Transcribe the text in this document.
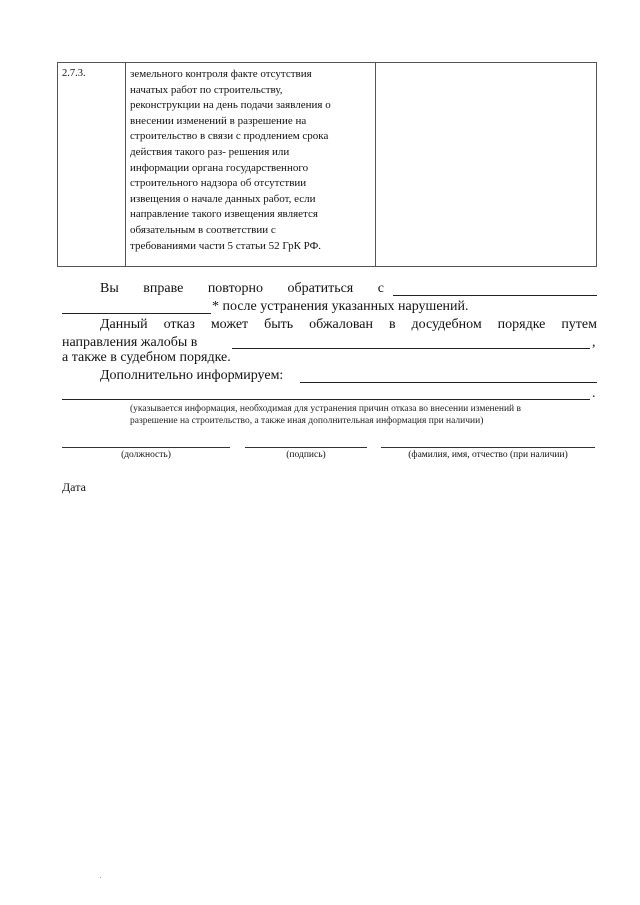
2.7.3.	земельного контроля факте отсутствия
начатых работ по строительству,
реконструкции на день подачи заявления о
внесении изменений в разрешение на
строительство в связи с продлением срока
действия такого раз- решения или
информации органа государственного
строительного надзора об отсутствии
извещения о начале данных работ, если
направление такого извещения является
обязательным в соответствии с
требованиями части 5 статьи 52 ГрК РФ.
Вы вправе повторно обратиться с
* после устранения указанных нарушений.
Данный отказ может быть обжалован в досудебном порядке путем
направления жалобы в	,
а также в судебном порядке.
Дополнительно информируем:
.
(указывается информация, необходимая для устранения причин отказа во внесении изменений в
разрешение на строительство, а также иная дополнительная информация при наличии)
(должность)	(подпись)	(фамилия, имя, отчество (при наличии)
Дата
